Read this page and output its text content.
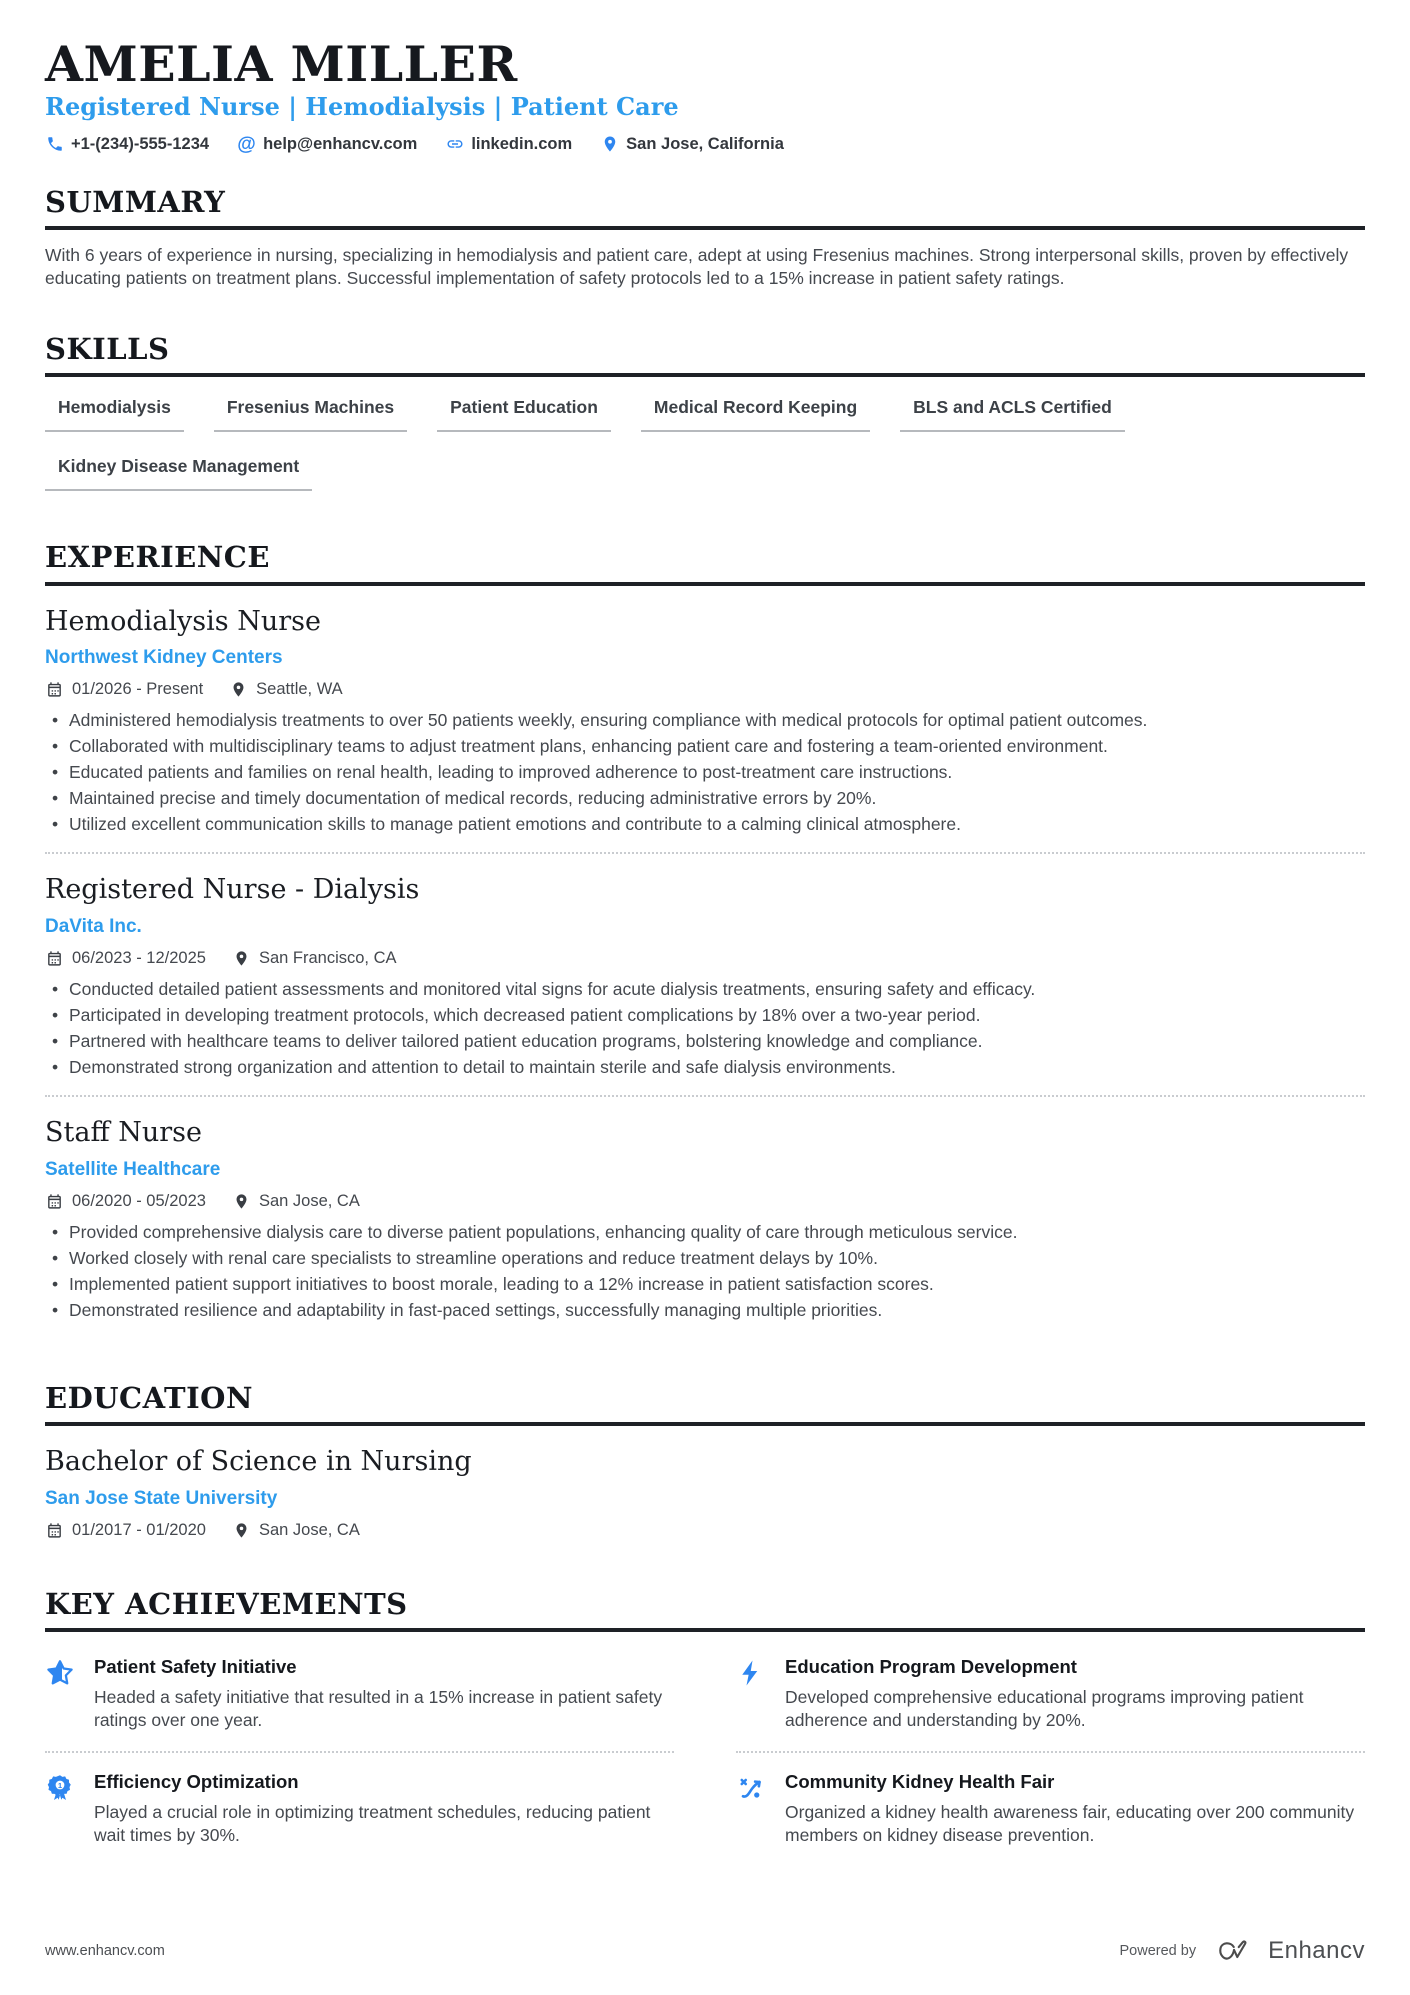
AMELIA MILLER
Registered Nurse | Hemodialysis | Patient Care
+1-(234)-555-1234 @ help@enhancv.com	linkedin.com	San Jose, California
SUMMARY

With 6 years of experience in nursing, specializing in hemodialysis and patient care, adept at using Fresenius machines. Strong interpersonal skills, proven by effectively educating patients on treatment plans. Successful implementation of safety protocols led to a 15% increase in patient safety ratings.

SKILLS
Hemodialysis	Fresenius Machines	Patient Education	Medical Record Keeping	BLS and ACLS Certified
Kidney Disease Management
EXPERIENCE
Hemodialysis Nurse
Northwest Kidney Centers
01/2026 - Present	Seattle, WA
• Administered hemodialysis treatments to over 50 patients weekly, ensuring compliance with medical protocols for optimal patient outcomes.
• Collaborated with multidisciplinary teams to adjust treatment plans, enhancing patient care and fostering a team-oriented environment.
• Educated patients and families on renal health, leading to improved adherence to post-treatment care instructions.
• Maintained precise and timely documentation of medical records, reducing administrative errors by 20%.
• Utilized excellent communication skills to manage patient emotions and contribute to a calming clinical atmosphere.
Registered Nurse - Dialysis
DaVita Inc.
06/2023 - 12/2025	San Francisco, CA
• Conducted detailed patient assessments and monitored vital signs for acute dialysis treatments, ensuring safety and efficacy.
• Participated in developing treatment protocols, which decreased patient complications by 18% over a two-year period.
• Partnered with healthcare teams to deliver tailored patient education programs, bolstering knowledge and compliance.
• Demonstrated strong organization and attention to detail to maintain sterile and safe dialysis environments.
Staff Nurse
Satellite Healthcare
06/2020 - 05/2023	San Jose, CA
• Provided comprehensive dialysis care to diverse patient populations, enhancing quality of care through meticulous service.
• Worked closely with renal care specialists to streamline operations and reduce treatment delays by 10%.
• Implemented patient support initiatives to boost morale, leading to a 12% increase in patient satisfaction scores.
• Demonstrated resilience and adaptability in fast-paced settings, successfully managing multiple priorities.
EDUCATION
Bachelor of Science in Nursing
San Jose State University
01/2017 - 01/2020	San Jose, CA
KEY ACHIEVEMENTS
Patient Safety Initiative

Headed a safety initiative that resulted in a 15% increase in patient safety ratings over one year.

Education Program Development

Developed comprehensive educational programs improving patient adherence and understanding by 20%.

1 Efficiency Optimization

Played a crucial role in optimizing treatment schedules, reducing patient wait times by 30%.

Community Kidney Health Fair

Organized a kidney health awareness fair, educating over 200 community members on kidney disease prevention.

www.enhancv.com	Powered by	Enhancv
